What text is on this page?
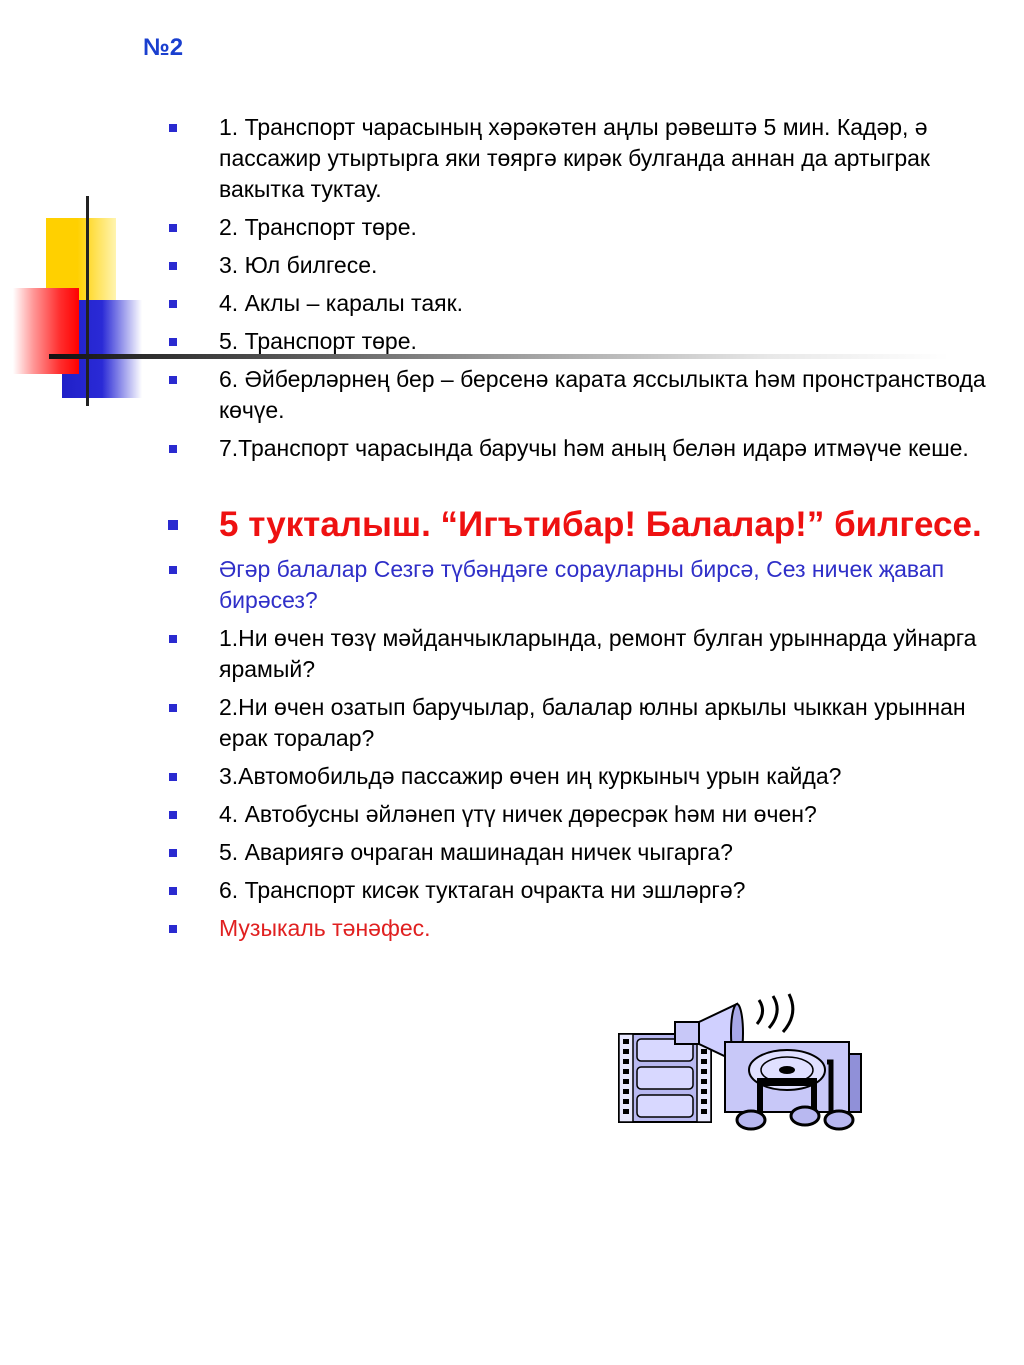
№2
1. Транспорт чарасының хәрәкәтен аңлы рәвештә 5 мин. Кадәр, ә пассажир утыртырга яки төяргә кирәк булганда аннан да артыграк вакытка туктау.
2. Транспорт төре.
3. Юл билгесе.
4. Аклы – каралы таяк.
5. Транспорт төре.
6. Әйберләрнең бер – берсенә карата яссылыкта һәм пронстранствода көчүе.
7.Транспорт чарасында баручы һәм аның белән идарә итмәүче кеше.
5 тукталыш. “Игътибар! Балалар!” билгесе.
Әгәр балалар Сезгә түбәндәге сорауларны бирсә, Сез ничек җавап бирәсез?
1.Ни өчен төзү мәйданчыкларында, ремонт булган урыннарда уйнарга ярамый?
2.Ни өчен озатып баручылар, балалар юлны аркылы чыккан урыннан ерак торалар?
3.Автомобильдә пассажир өчен иң куркыныч урын кайда?
4. Автобусны әйләнеп үтү ничек дөресрәк һәм ни өчен?
5. Авариягә очраган машинадан ничек чыгарга?
6. Транспорт кисәк туктаган очракта ни эшләргә?
Музыкаль тәнәфес.
